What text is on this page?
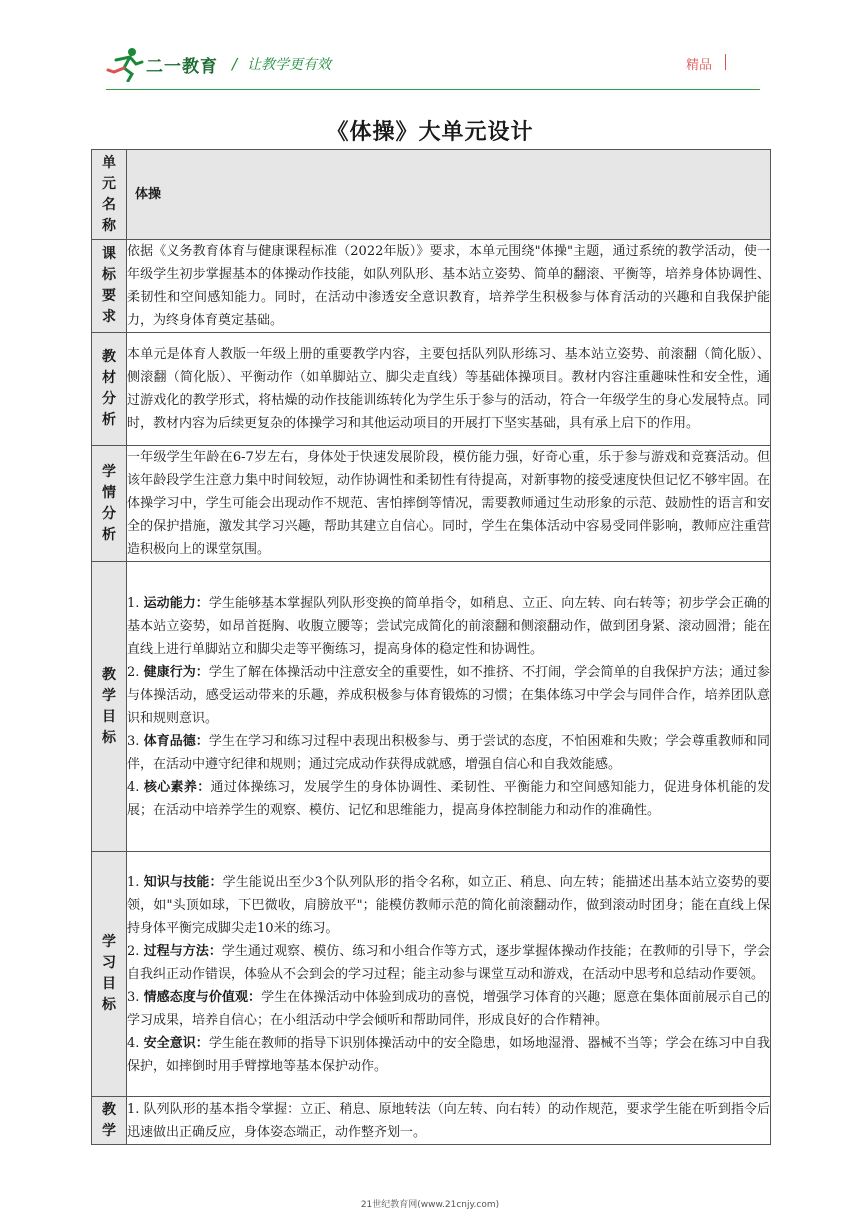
二一教育 / 让教学更有效	精品
《体操》大单元设计
单元名称	体操

课标要求	依据《义务教育体育与健康课程标准（2022年版）》要求，本单元围绕"体操"主题，通过系统的教学活动，使一年级学生初步掌握基本的体操动作技能，如队列队形、基本站立姿势、简单的翻滚、平衡等，培养身体协调性、柔韧性和空间感知能力。同时，在活动中渗透安全意识教育，培养学生积极参与体育活动的兴趣和自我保护能力，为终身体育奠定基础。

教材分析	本单元是体育人教版一年级上册的重要教学内容，主要包括队列队形练习、基本站立姿势、前滚翻（简化版）、侧滚翻（简化版）、平衡动作（如单脚站立、脚尖走直线）等基础体操项目。教材内容注重趣味性和安全性，通过游戏化的教学形式，将枯燥的动作技能训练转化为学生乐于参与的活动，符合一年级学生的身心发展特点。同时，教材内容为后续更复杂的体操学习和其他运动项目的开展打下坚实基础，具有承上启下的作用。

学情分析	一年级学生年龄在6-7岁左右，身体处于快速发展阶段，模仿能力强，好奇心重，乐于参与游戏和竞赛活动。但该年龄段学生注意力集中时间较短，动作协调性和柔韧性有待提高，对新事物的接受速度快但记忆不够牢固。在体操学习中，学生可能会出现动作不规范、害怕摔倒等情况，需要教师通过生动形象的示范、鼓励性的语言和安全的保护措施，激发其学习兴趣，帮助其建立自信心。同时，学生在集体活动中容易受同伴影响，教师应注重营造积极向上的课堂氛围。

教学目标	1. 运动能力：学生能够基本掌握队列队形变换的简单指令，如稍息、立正、向左转、向右转等；初步学会正确的基本站立姿势，如昂首挺胸、收腹立腰等；尝试完成简化的前滚翻和侧滚翻动作，做到团身紧、滚动圆滑；能在直线上进行单脚站立和脚尖走等平衡练习，提高身体的稳定性和协调性。

2. 健康行为：学生了解在体操活动中注意安全的重要性，如不推挤、不打闹，学会简单的自我保护方法；通过参与体操活动，感受运动带来的乐趣，养成积极参与体育锻炼的习惯；在集体练习中学会与同伴合作，培养团队意识和规则意识。

3. 体育品德：学生在学习和练习过程中表现出积极参与、勇于尝试的态度，不怕困难和失败；学会尊重教师和同伴，在活动中遵守纪律和规则；通过完成动作获得成就感，增强自信心和自我效能感。

4. 核心素养：通过体操练习，发展学生的身体协调性、柔韧性、平衡能力和空间感知能力，促进身体机能的发展；在活动中培养学生的观察、模仿、记忆和思维能力，提高身体控制能力和动作的准确性。

学习目标	1. 知识与技能：学生能说出至少3个队列队形的指令名称，如立正、稍息、向左转；能描述出基本站立姿势的要领，如"头顶如球，下巴微收，肩膀放平"；能模仿教师示范的简化前滚翻动作，做到滚动时团身；能在直线上保持身体平衡完成脚尖走10米的练习。

2. 过程与方法：学生通过观察、模仿、练习和小组合作等方式，逐步掌握体操动作技能；在教师的引导下，学会自我纠正动作错误，体验从不会到会的学习过程；能主动参与课堂互动和游戏，在活动中思考和总结动作要领。

3. 情感态度与价值观：学生在体操活动中体验到成功的喜悦，增强学习体育的兴趣；愿意在集体面前展示自己的学习成果，培养自信心；在小组活动中学会倾听和帮助同伴，形成良好的合作精神。

4. 安全意识：学生能在教师的指导下识别体操活动中的安全隐患，如场地湿滑、器械不当等；学会在练习中自我保护，如摔倒时用手臂撑地等基本保护动作。

教学	1. 队列队形的基本指令掌握：立正、稍息、原地转法（向左转、向右转）的动作规范，要求学生能在听到指令后迅速做出正确反应，身体姿态端正，动作整齐划一。
21世纪教育网(www.21cnjy.com)
